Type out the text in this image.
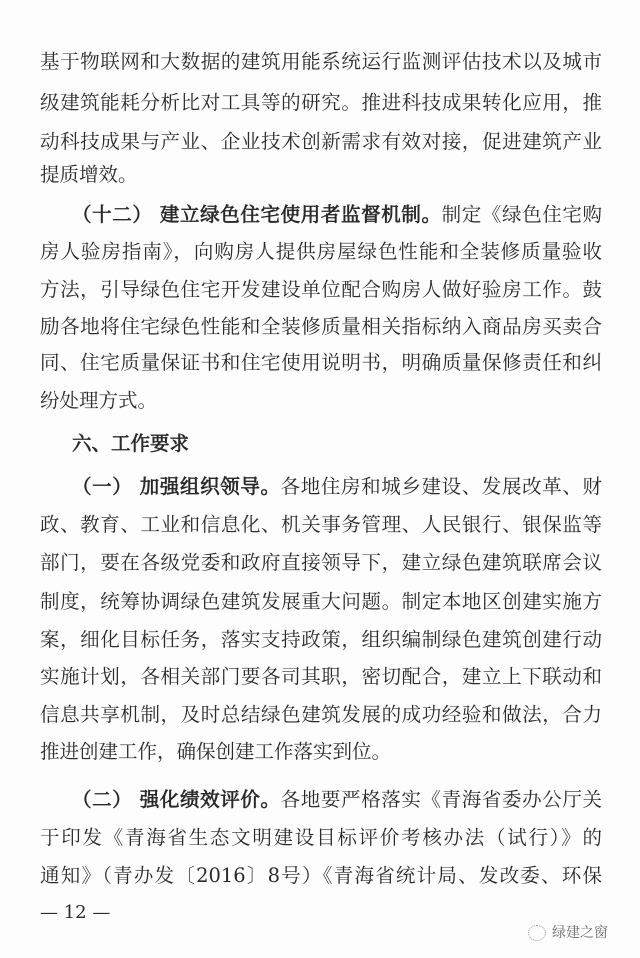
基于物联网和大数据的建筑用能系统运行监测评估技术以及城市
级建筑能耗分析比对工具等的研究。推进科技成果转化应用，推
动科技成果与产业、企业技术创新需求有效对接，促进建筑产业
提质增效。
（十二） 建立绿色住宅使用者监督机制。制定《绿色住宅购
房人验房指南》，向购房人提供房屋绿色性能和全装修质量验收
方法，引导绿色住宅开发建设单位配合购房人做好验房工作。鼓
励各地将住宅绿色性能和全装修质量相关指标纳入商品房买卖合
同、住宅质量保证书和住宅使用说明书，明确质量保修责任和纠
纷处理方式。
六、工作要求
（一） 加强组织领导。各地住房和城乡建设、发展改革、财
政、教育、工业和信息化、机关事务管理、人民银行、银保监等
部门，要在各级党委和政府直接领导下，建立绿色建筑联席会议
制度，统筹协调绿色建筑发展重大问题。制定本地区创建实施方
案，细化目标任务，落实支持政策，组织编制绿色建筑创建行动
实施计划，各相关部门要各司其职，密切配合，建立上下联动和
信息共享机制，及时总结绿色建筑发展的成功经验和做法，合力
推进创建工作，确保创建工作落实到位。
（二） 强化绩效评价。各地要严格落实《青海省委办公厅关
于印发《青海省生态文明建设目标评价考核办法（试行）》的
通知》（青办发〔2016〕8号）《青海省统计局、发改委、环保
— 12 —
绿建之窗
